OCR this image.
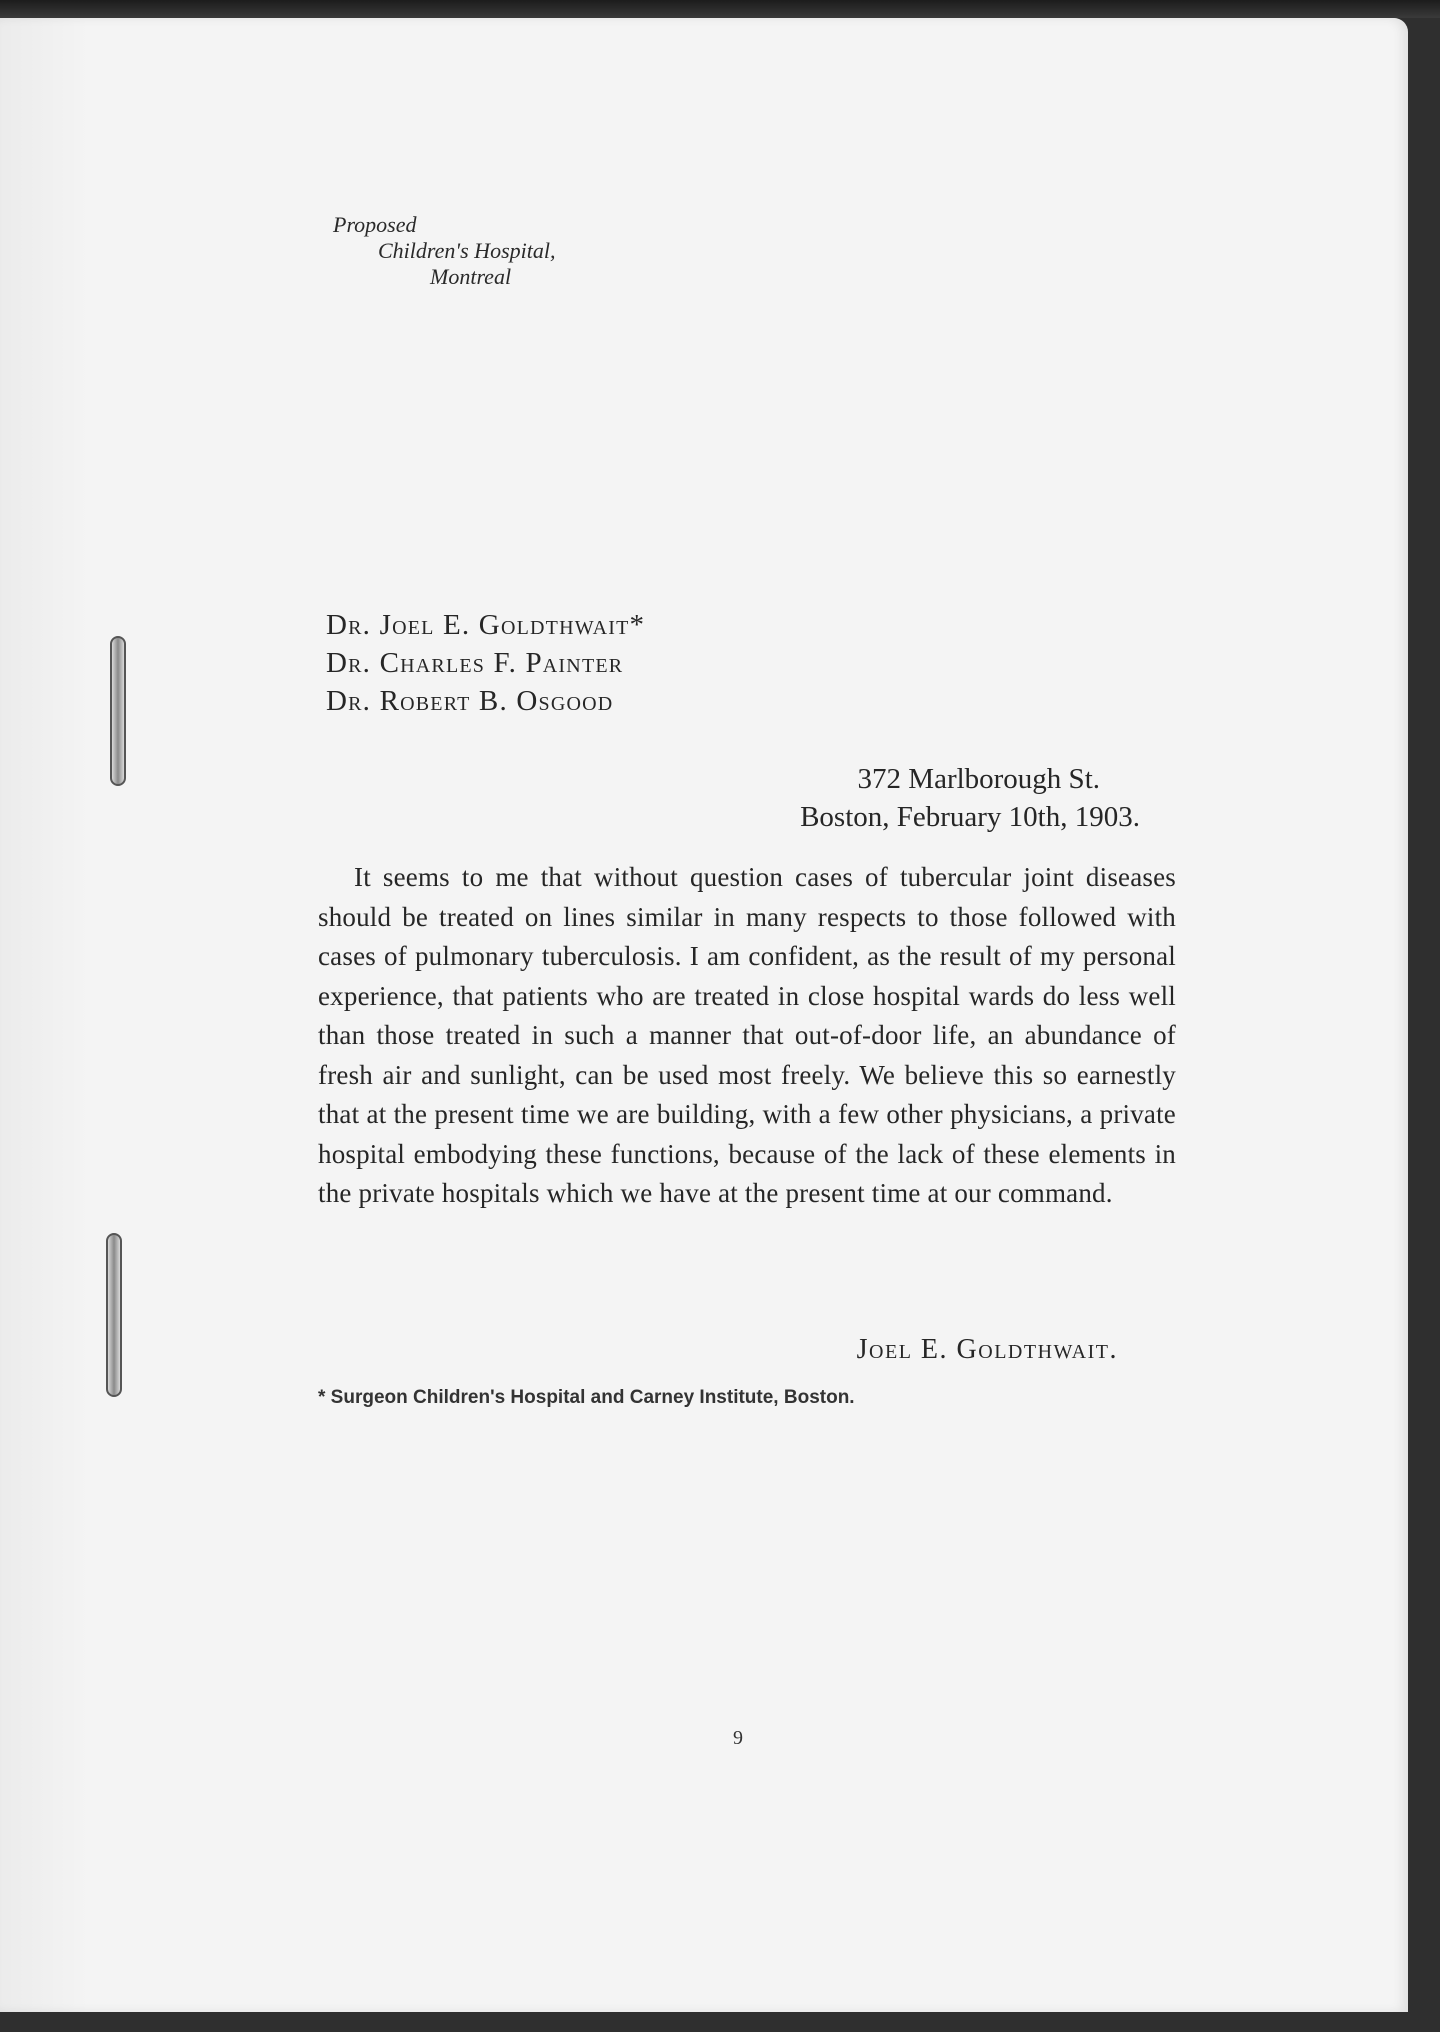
Proposed
Children's Hospital,
Montreal
Dr. Joel E. Goldthwait*
Dr. Charles F. Painter
Dr. Robert B. Osgood
372 Marlborough St.
Boston, February 10th, 1903.

It seems to me that without question cases of tubercular joint diseases should be treated on lines similar in many respects to those followed with cases of pulmonary tuberculosis. I am confident, as the result of my personal experience, that patients who are treated in close hospital wards do less well than those treated in such a manner that out-of-door life, an abundance of fresh air and sunlight, can be used most freely. We believe this so earnestly that at the present time we are building, with a few other physicians, a private hospital embodying these functions, because of the lack of these elements in the private hospitals which we have at the present time at our command.

Joel E. Goldthwait.
* Surgeon Children's Hospital and Carney Institute, Boston.
9
